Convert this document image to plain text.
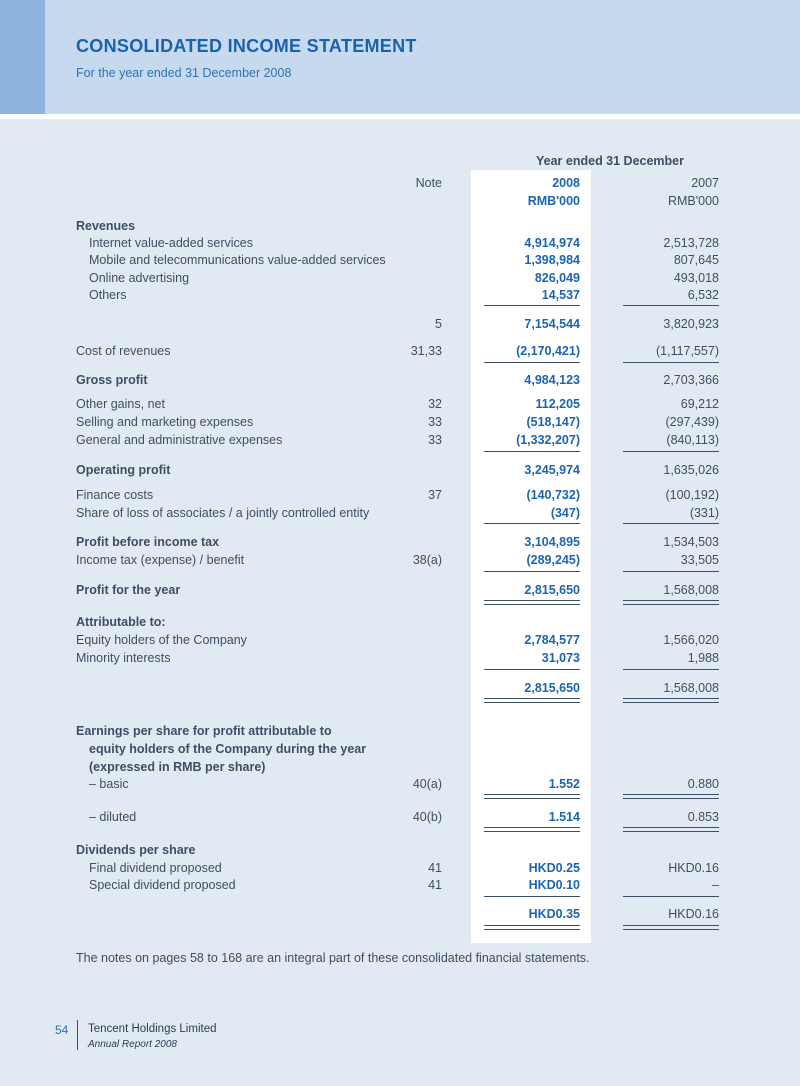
CONSOLIDATED INCOME STATEMENT
For the year ended 31 December 2008
Year ended 31 December
Note	2008	2007
RMB'000	RMB'000
Revenues
Internet value-added services	4,914,974	2,513,728
Mobile and telecommunications value-added services	1,398,984	807,645
Online advertising	826,049	493,018
Others	14,537	6,532
5	7,154,544	3,820,923
Cost of revenues	31,33	(2,170,421)	(1,117,557)
Gross profit	4,984,123	2,703,366
Other gains, net	32	112,205	69,212
Selling and marketing expenses	33	(518,147)	(297,439)
General and administrative expenses	33	(1,332,207)	(840,113)
Operating profit	3,245,974	1,635,026
Finance costs	37	(140,732)	(100,192)
Share of loss of associates / a jointly controlled entity	(347)	(331)
Profit before income tax	3,104,895	1,534,503
Income tax (expense) / benefit	38(a)	(289,245)	33,505
Profit for the year	2,815,650	1,568,008
Attributable to:
Equity holders of the Company	2,784,577	1,566,020
Minority interests	31,073	1,988
2,815,650	1,568,008
Earnings per share for profit attributable to
equity holders of the Company during the year
(expressed in RMB per share)
– basic	40(a)	1.552	0.880
– diluted	40(b)	1.514	0.853
Dividends per share
Final dividend proposed	41	HKD0.25	HKD0.16
Special dividend proposed	41	HKD0.10	–
HKD0.35	HKD0.16
The notes on pages 58 to 168 are an integral part of these consolidated financial statements.
54 Tencent Holdings Limited
Annual Report 2008
